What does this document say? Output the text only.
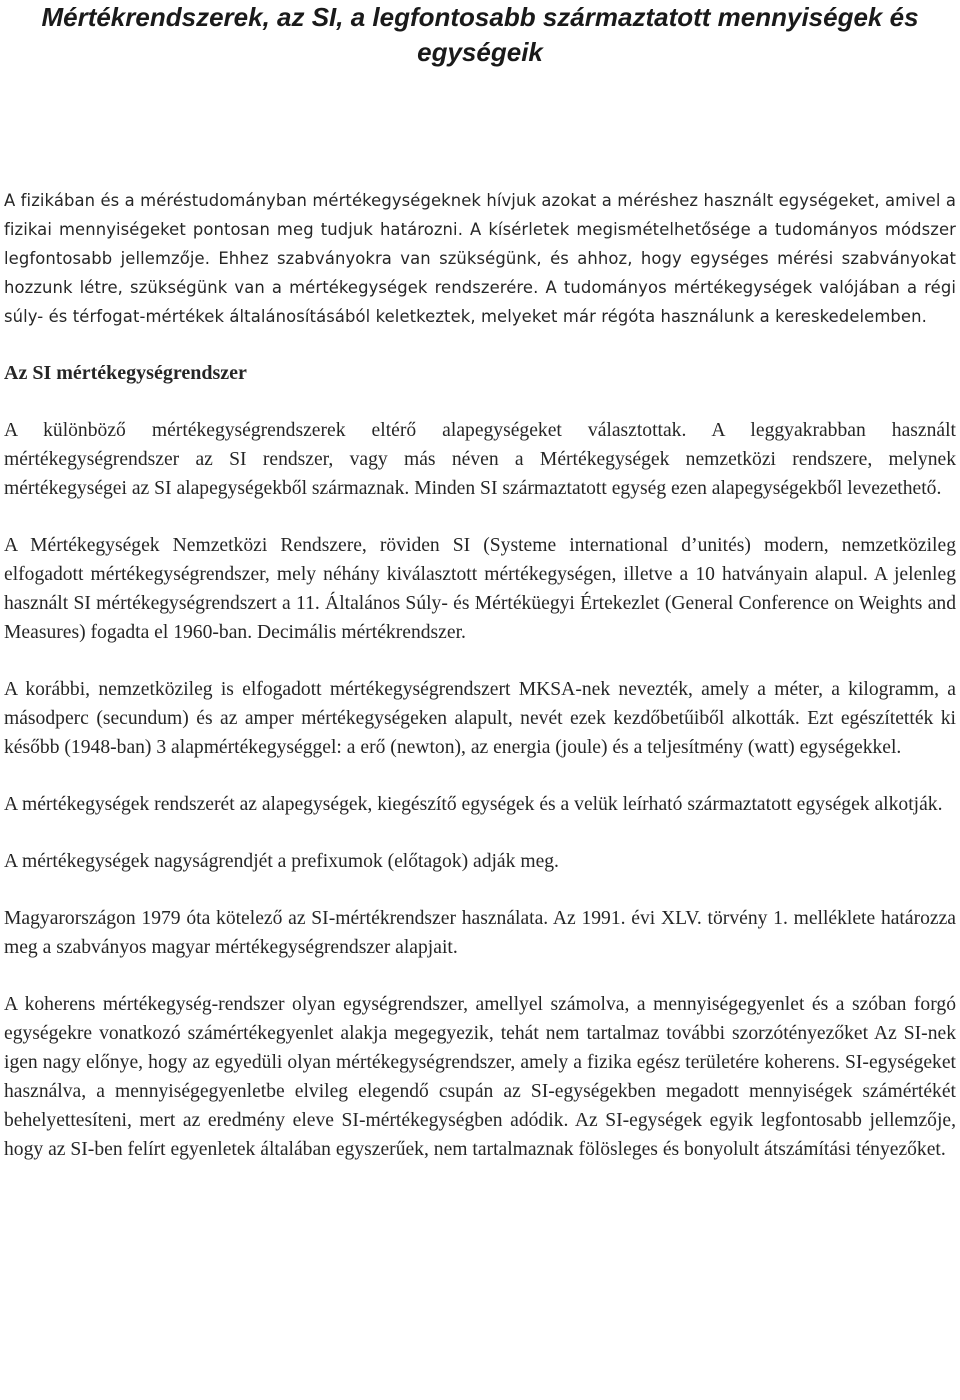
Mértékrendszerek, az SI, a legfontosabb származtatott mennyiségek és egységeik

A fizikában és a méréstudományban mértékegységeknek hívjuk azokat a méréshez használt egységeket, amivel a fizikai mennyiségeket pontosan meg tudjuk határozni. A kísérletek megismételhetősége a tudományos módszer legfontosabb jellemzője. Ehhez szabványokra van szükségünk, és ahhoz, hogy egységes mérési szabványokat hozzunk létre, szükségünk van a mértékegységek rendszerére. A tudományos mértékegységek valójában a régi súly- és térfogat-mértékek általánosításából keletkeztek, melyeket már régóta használunk a kereskedelemben.

Az SI mértékegységrendszer

A különböző mértékegységrendszerek eltérő alapegységeket választottak. A leggyakrabban használt mértékegységrendszer az SI rendszer, vagy más néven a Mértékegységek nemzetközi rendszere, melynek mértékegységei az SI alapegységekből származnak. Minden SI származtatott egység ezen alapegységekből levezethető.

A Mértékegységek Nemzetközi Rendszere, röviden SI (Systeme international d’unités) modern, nemzetközileg elfogadott mértékegységrendszer, mely néhány kiválasztott mértékegységen, illetve a 10 hatványain alapul. A jelenleg használt SI mértékegységrendszert a 11. Általános Súly- és Mértéküegyi Értekezlet (General Conference on Weights and Measures) fogadta el 1960-ban. Decimális mértékrendszer.

A korábbi, nemzetközileg is elfogadott mértékegységrendszert MKSA-nek nevezték, amely a méter, a kilogramm, a másodperc (secundum) és az amper mértékegységeken alapult, nevét ezek kezdőbetűiből alkották. Ezt egészítették ki később (1948-ban) 3 alapmértékegységgel: a erő (newton), az energia (joule) és a teljesítmény (watt) egységekkel.

A mértékegységek rendszerét az alapegységek, kiegészítő egységek és a velük leírható származtatott egységek alkotják.

A mértékegységek nagyságrendjét a prefixumok (előtagok) adják meg.

Magyarországon 1979 óta kötelező az SI-mértékrendszer használata. Az 1991. évi XLV. törvény 1. melléklete határozza meg a szabványos magyar mértékegységrendszer alapjait.

A koherens mértékegység-rendszer olyan egységrendszer, amellyel számolva, a mennyiségegyenlet és a szóban forgó egységekre vonatkozó számértékegyenlet alakja megegyezik, tehát nem tartalmaz további szorzótényezőket Az SI-nek igen nagy előnye, hogy az egyedüli olyan mértékegységrendszer, amely a fizika egész területére koherens. SI-egységeket használva, a mennyiségegyenletbe elvileg elegendő csupán az SI-egységekben megadott mennyiségek számértékét behelyettesíteni, mert az eredmény eleve SI-mértékegységben adódik. Az SI-egységek egyik legfontosabb jellemzője, hogy az SI-ben felírt egyenletek általában egyszerűek, nem tartalmaznak fölösleges és bonyolult átszámítási tényezőket.
